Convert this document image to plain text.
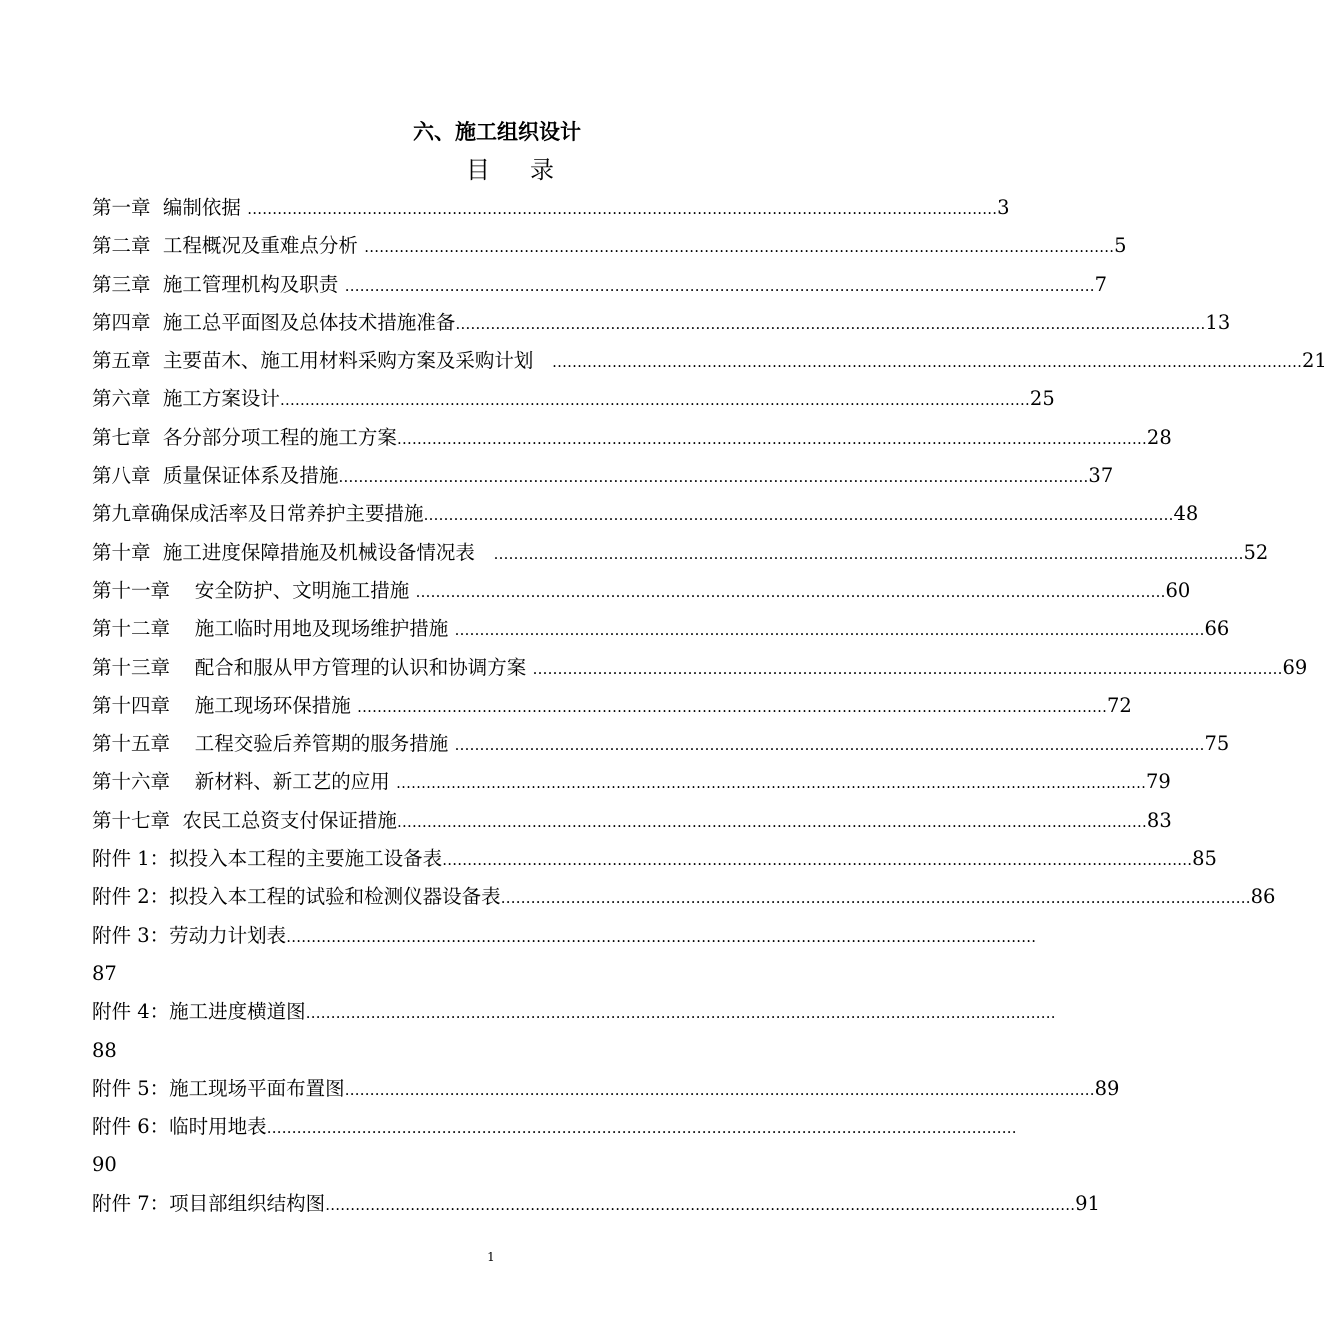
六、施工组织设计
目 录
第一章  编制依据 …………………………………………………………………………………………………………………………………… 3
第二章  工程概况及重难点分析 …………………………………………………………………………………………………………………………………… 5
第三章  施工管理机构及职责 …………………………………………………………………………………………………………………………………… 7
第四章  施工总平面图及总体技术措施准备 …………………………………………………………………………………………………………………………………… 13
第五章  主要苗木、施工用材料采购方案及采购计划 …………………………………………………………………………………………………………………………………… 21
第六章  施工方案设计 …………………………………………………………………………………………………………………………………… 25
第七章  各分部分项工程的施工方案 …………………………………………………………………………………………………………………………………… 28
第八章  质量保证体系及措施 …………………………………………………………………………………………………………………………………… 37
第九章确保成活率及日常养护主要措施 …………………………………………………………………………………………………………………………………… 48
第十章  施工进度保障措施及机械设备情况表 …………………………………………………………………………………………………………………………………… 52
第十一章    安全防护、文明施工措施 …………………………………………………………………………………………………………………………………… 60
第十二章    施工临时用地及现场维护措施 …………………………………………………………………………………………………………………………………… 66
第十三章    配合和服从甲方管理的认识和协调方案 …………………………………………………………………………………………………………………………………… 69
第十四章    施工现场环保措施 …………………………………………………………………………………………………………………………………… 72
第十五章    工程交验后养管期的服务措施 …………………………………………………………………………………………………………………………………… 75
第十六章    新材料、新工艺的应用 …………………………………………………………………………………………………………………………………… 79
第十七章  农民工总资支付保证措施 …………………………………………………………………………………………………………………………………… 83
附件 1：拟投入本工程的主要施工设备表 …………………………………………………………………………………………………………………………………… 85
附件 2：拟投入本工程的试验和检测仪器设备表 …………………………………………………………………………………………………………………………………… 86
附件 3：劳动力计划表 ……………………………………………………………………………………………………………………………………
87
附件 4：施工进度横道图 ……………………………………………………………………………………………………………………………………
88
附件 5：施工现场平面布置图 …………………………………………………………………………………………………………………………………… 89
附件 6：临时用地表 ……………………………………………………………………………………………………………………………………
90
附件 7：项目部组织结构图 …………………………………………………………………………………………………………………………………… 91
1
